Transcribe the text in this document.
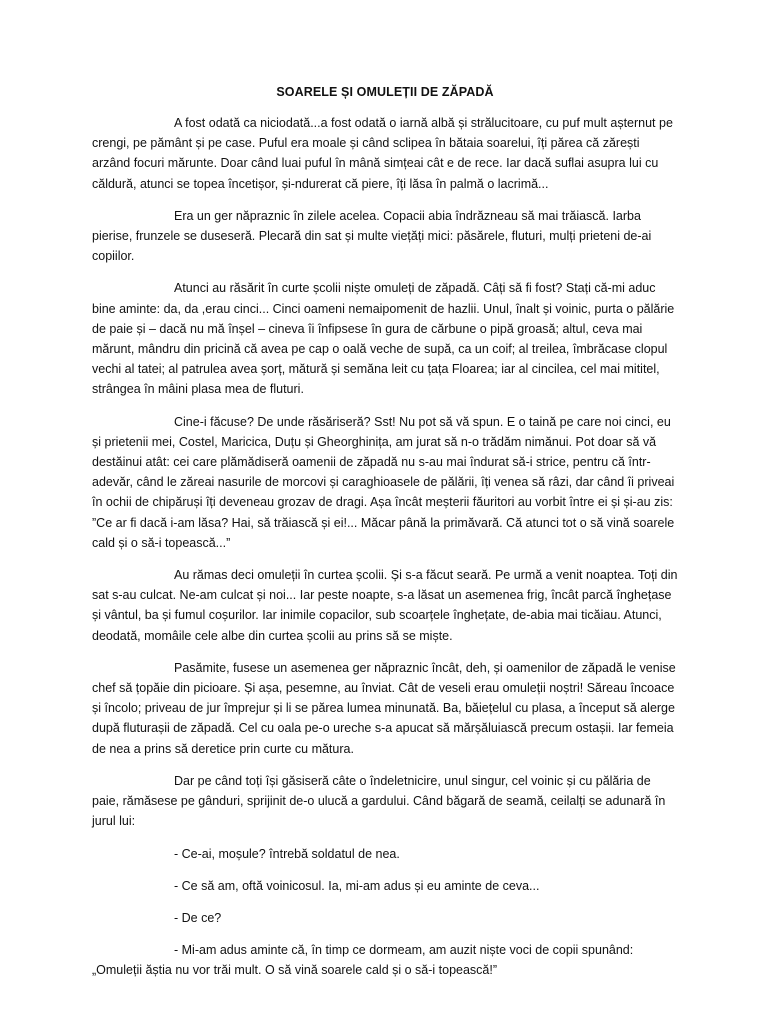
SOARELE ȘI OMULEȚII DE ZĂPADĂ

A fost odată ca niciodată...a fost odată o iarnă albă și strălucitoare, cu puf mult așternut pe crengi, pe pământ și pe case. Puful era moale și când sclipea în bătaia soarelui, îți părea că zărești arzând focuri mărunte. Doar când luai puful în mână simțeai cât e de rece. Iar dacă suflai asupra lui cu căldură, atunci se topea încetișor, și-ndurerat că piere, îți lăsa în palmă o lacrimă...

Era un ger năpraznic în zilele acelea. Copacii abia îndrăzneau să mai trăiască. Iarba pierise, frunzele se duseseră. Plecară din sat și multe viețăți mici: păsărele, fluturi, mulți prieteni de-ai copiilor.

Atunci au răsărit în curte școlii niște omuleți de zăpadă. Câți să fi fost? Stați că-mi aduc bine aminte: da, da ,erau cinci... Cinci oameni nemaipomenit de hazlii. Unul, înalt și voinic, purta o pălărie de paie și – dacă nu mă înșel – cineva îi înfipsese în gura de cărbune o pipă groasă; altul, ceva mai mărunt, mândru din pricină că avea pe cap o oală veche de supă, ca un coif; al treilea, îmbrăcase clopul vechi al tatei; al patrulea avea șorț, mătură și semăna leit cu țața Floarea; iar al cincilea, cel mai mititel, strângea în mâini plasa mea de fluturi.

Cine-i făcuse? De unde răsăriseră? Sst! Nu pot să vă spun. E o taină pe care noi cinci, eu și prietenii mei, Costel, Maricica, Duțu și Gheorghinița, am jurat să n-o trădăm nimănui. Pot doar să vă destăinui atât: cei care plămădiseră oamenii de zăpadă nu s-au mai îndurat să-i strice, pentru că într-adevăr, când le zăreai nasurile de morcovi și caraghioasele de pălării, îți venea să râzi, dar când îi priveai în ochii de chipăruși îți deveneau grozav de dragi. Așa încât meșterii făuritori au vorbit între ei și și-au zis: ”Ce ar fi dacă i-am lăsa? Hai, să trăiască și ei!... Măcar până la primăvară. Că atunci tot o să vină soarele cald și o să-i topească...”

Au rămas deci omuleții în curtea școlii. Și s-a făcut seară. Pe urmă a venit noaptea. Toți din sat s-au culcat. Ne-am culcat și noi... Iar peste noapte, s-a lăsat un asemenea frig, încât parcă înghețase și vântul, ba și fumul coșurilor. Iar inimile copacilor, sub scoarțele înghețate, de-abia mai ticăiau. Atunci, deodată, momâile cele albe din curtea școlii au prins să se miște.

Pasămite, fusese un asemenea ger năpraznic încât, deh, și oamenilor de zăpadă le venise chef să țopăie din picioare. Și așa, pesemne, au înviat. Cât de veseli erau omuleții noștri! Săreau încoace și încolo; priveau de jur împrejur și li se părea lumea minunată. Ba, băiețelul cu plasa, a început să alerge după fluturașii de zăpadă. Cel cu oala pe-o ureche s-a apucat să mărșăluiască precum ostașii. Iar femeia de nea a prins să deretice prin curte cu mătura.

Dar pe când toți își găsiseră câte o îndeletnicire, unul singur, cel voinic și cu pălăria de paie, rămăsese pe gânduri, sprijinit de-o ulucă a gardului. Când băgară de seamă, ceilalți se adunară în jurul lui:

- Ce-ai, moșule? întrebă soldatul de nea.

- Ce să am, oftă voinicosul. Ia, mi-am adus și eu aminte de ceva...

- De ce?

- Mi-am adus aminte că, în timp ce dormeam, am auzit niște voci de copii spunând: „Omuleții ăștia nu vor trăi mult. O să vină soarele cald și o să-i topească!”
